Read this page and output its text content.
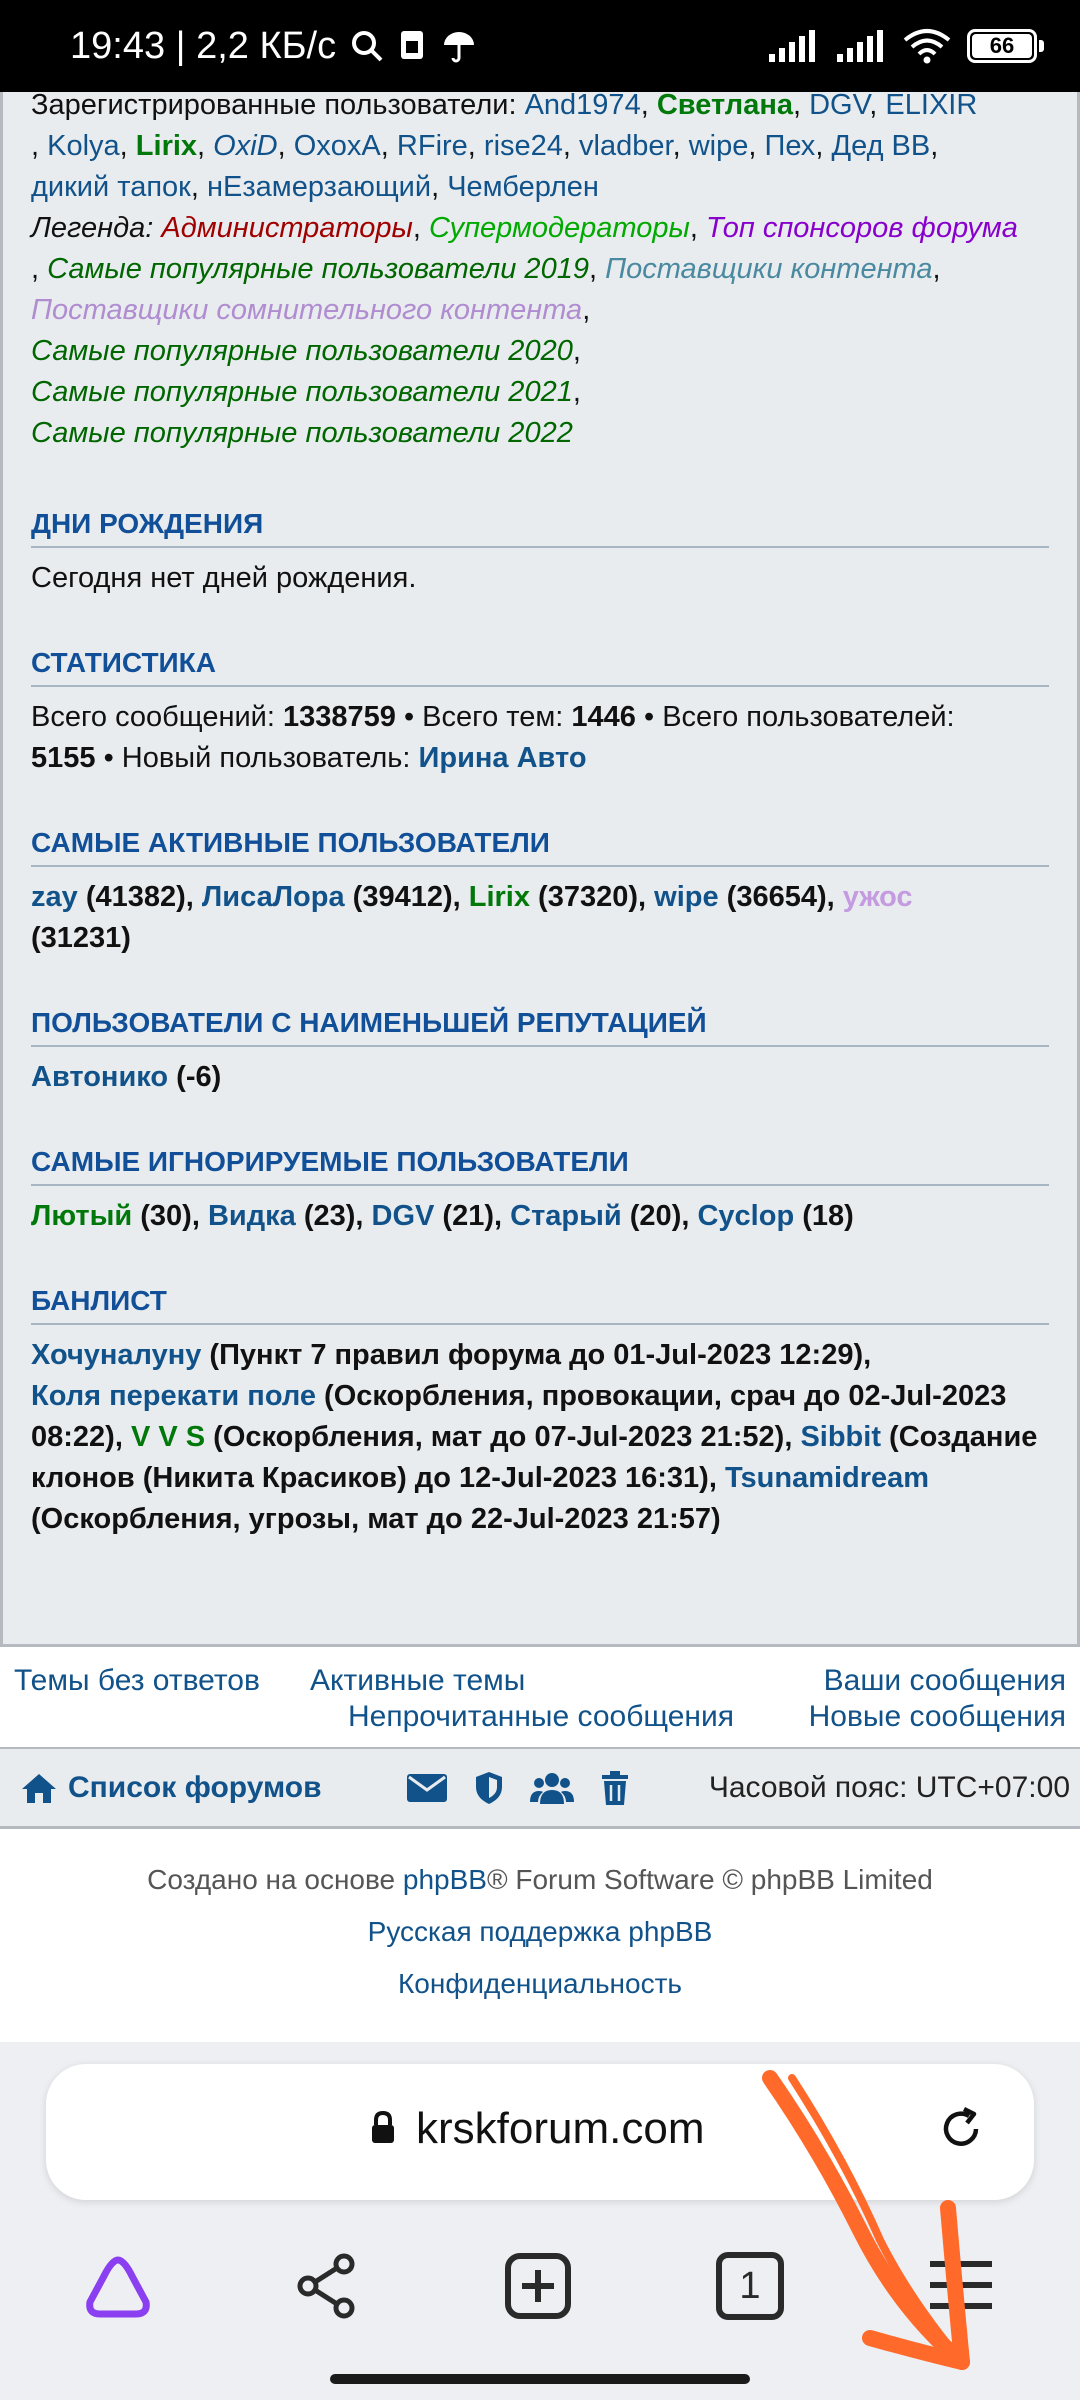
19:43 | 2,2 КБ/с	66
Зарегистрированные пользователи: And1974, Светлана, DGV, ELIXIR
, Kolya, Lirix, OxiD, OxoxA, RFire, rise24, vladber, wipe, Пех, Дед BB,
дикий тапок, нЕзамерзающий, Чемберлен
Легенда: Администраторы, Супермодераторы, Топ спонсоров форума
, Самые популярные пользователи 2019, Поставщики контента,
Поставщики сомнительного контента,
Самые популярные пользователи 2020,
Самые популярные пользователи 2021,
Самые популярные пользователи 2022
ДНИ РОЖДЕНИЯ
Сегодня нет дней рождения.
СТАТИСТИКА
Всего сообщений: 1338759 • Всего тем: 1446 • Всего пользователей:
5155 • Новый пользователь: Ирина Авто
САМЫЕ АКТИВНЫЕ ПОЛЬЗОВАТЕЛИ
zay (41382), ЛисаЛора (39412), Lirix (37320), wipe (36654), ужос
(31231)
ПОЛЬЗОВАТЕЛИ С НАИМЕНЬШЕЙ РЕПУТАЦИЕЙ
Автонико (-6)
САМЫЕ ИГНОРИРУЕМЫЕ ПОЛЬЗОВАТЕЛИ
Лютый (30), Видка (23), DGV (21), Старый (20), Cyclop (18)
БАНЛИСТ
Хочуналуну (Пункт 7 правил форума до 01-Jul-2023 12:29),
Коля перекати поле (Оскорбления, провокации, срач до 02-Jul-2023 08:22), V V S (Оскорбления, мат до 07-Jul-2023 21:52), Sibbit (Создание клонов (Никита Красиков) до 12-Jul-2023 16:31), Tsunamidream (Оскорбления, угрозы, мат до 22-Jul-2023 21:57)
Темы без ответов Активные темы	Ваши сообщения
Непрочитанные сообщения Новые сообщения
Список форумов	Часовой пояс: UTC+07:00
Создано на основе phpBB® Forum Software © phpBB Limited
Русская поддержка phpBB
Конфиденциальность
krskforum.com
1
